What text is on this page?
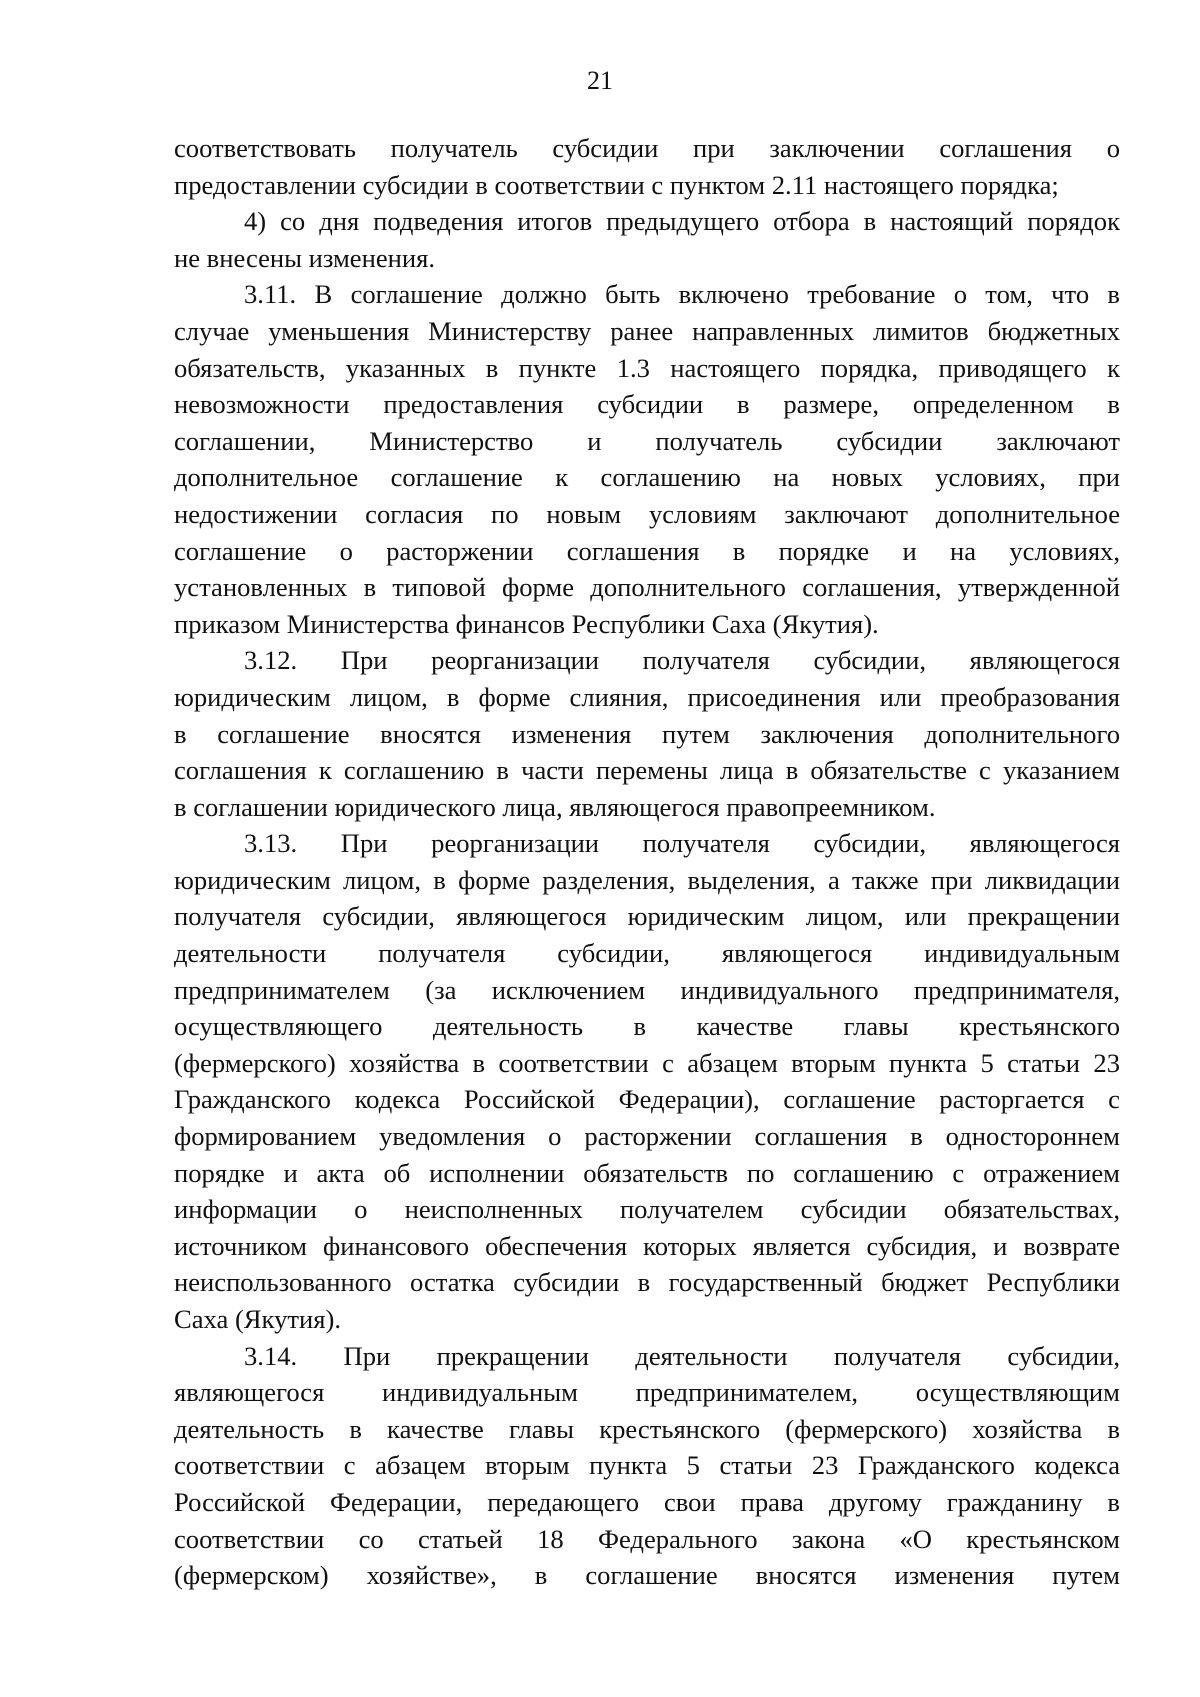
21
соответствовать получатель субсидии при заключении соглашения о
предоставлении субсидии в соответствии с пунктом 2.11 настоящего порядка;
4) со дня подведения итогов предыдущего отбора в настоящий порядок
не внесены изменения.
3.11. В соглашение должно быть включено требование о том, что в
случае уменьшения Министерству ранее направленных лимитов бюджетных
обязательств, указанных в пункте 1.3 настоящего порядка, приводящего к
невозможности предоставления субсидии в размере, определенном в
соглашении, Министерство и получатель субсидии заключают
дополнительное соглашение к соглашению на новых условиях, при
недостижении согласия по новым условиям заключают дополнительное
соглашение о расторжении соглашения в порядке и на условиях,
установленных в типовой форме дополнительного соглашения, утвержденной
приказом Министерства финансов Республики Саха (Якутия).
3.12. При реорганизации получателя субсидии, являющегося
юридическим лицом, в форме слияния, присоединения или преобразования
в соглашение вносятся изменения путем заключения дополнительного
соглашения к соглашению в части перемены лица в обязательстве с указанием
в соглашении юридического лица, являющегося правопреемником.
3.13. При реорганизации получателя субсидии, являющегося
юридическим лицом, в форме разделения, выделения, а также при ликвидации
получателя субсидии, являющегося юридическим лицом, или прекращении
деятельности получателя субсидии, являющегося индивидуальным
предпринимателем (за исключением индивидуального предпринимателя,
осуществляющего деятельность в качестве главы крестьянского
(фермерского) хозяйства в соответствии с абзацем вторым пункта 5 статьи 23
Гражданского кодекса Российской Федерации), соглашение расторгается с
формированием уведомления о расторжении соглашения в одностороннем
порядке и акта об исполнении обязательств по соглашению с отражением
информации о неисполненных получателем субсидии обязательствах,
источником финансового обеспечения которых является субсидия, и возврате
неиспользованного остатка субсидии в государственный бюджет Республики
Саха (Якутия).
3.14. При прекращении деятельности получателя субсидии,
являющегося индивидуальным предпринимателем, осуществляющим
деятельность в качестве главы крестьянского (фермерского) хозяйства в
соответствии с абзацем вторым пункта 5 статьи 23 Гражданского кодекса
Российской Федерации, передающего свои права другому гражданину в
соответствии со статьей 18 Федерального закона «О крестьянском
(фермерском) хозяйстве», в соглашение вносятся изменения путем
